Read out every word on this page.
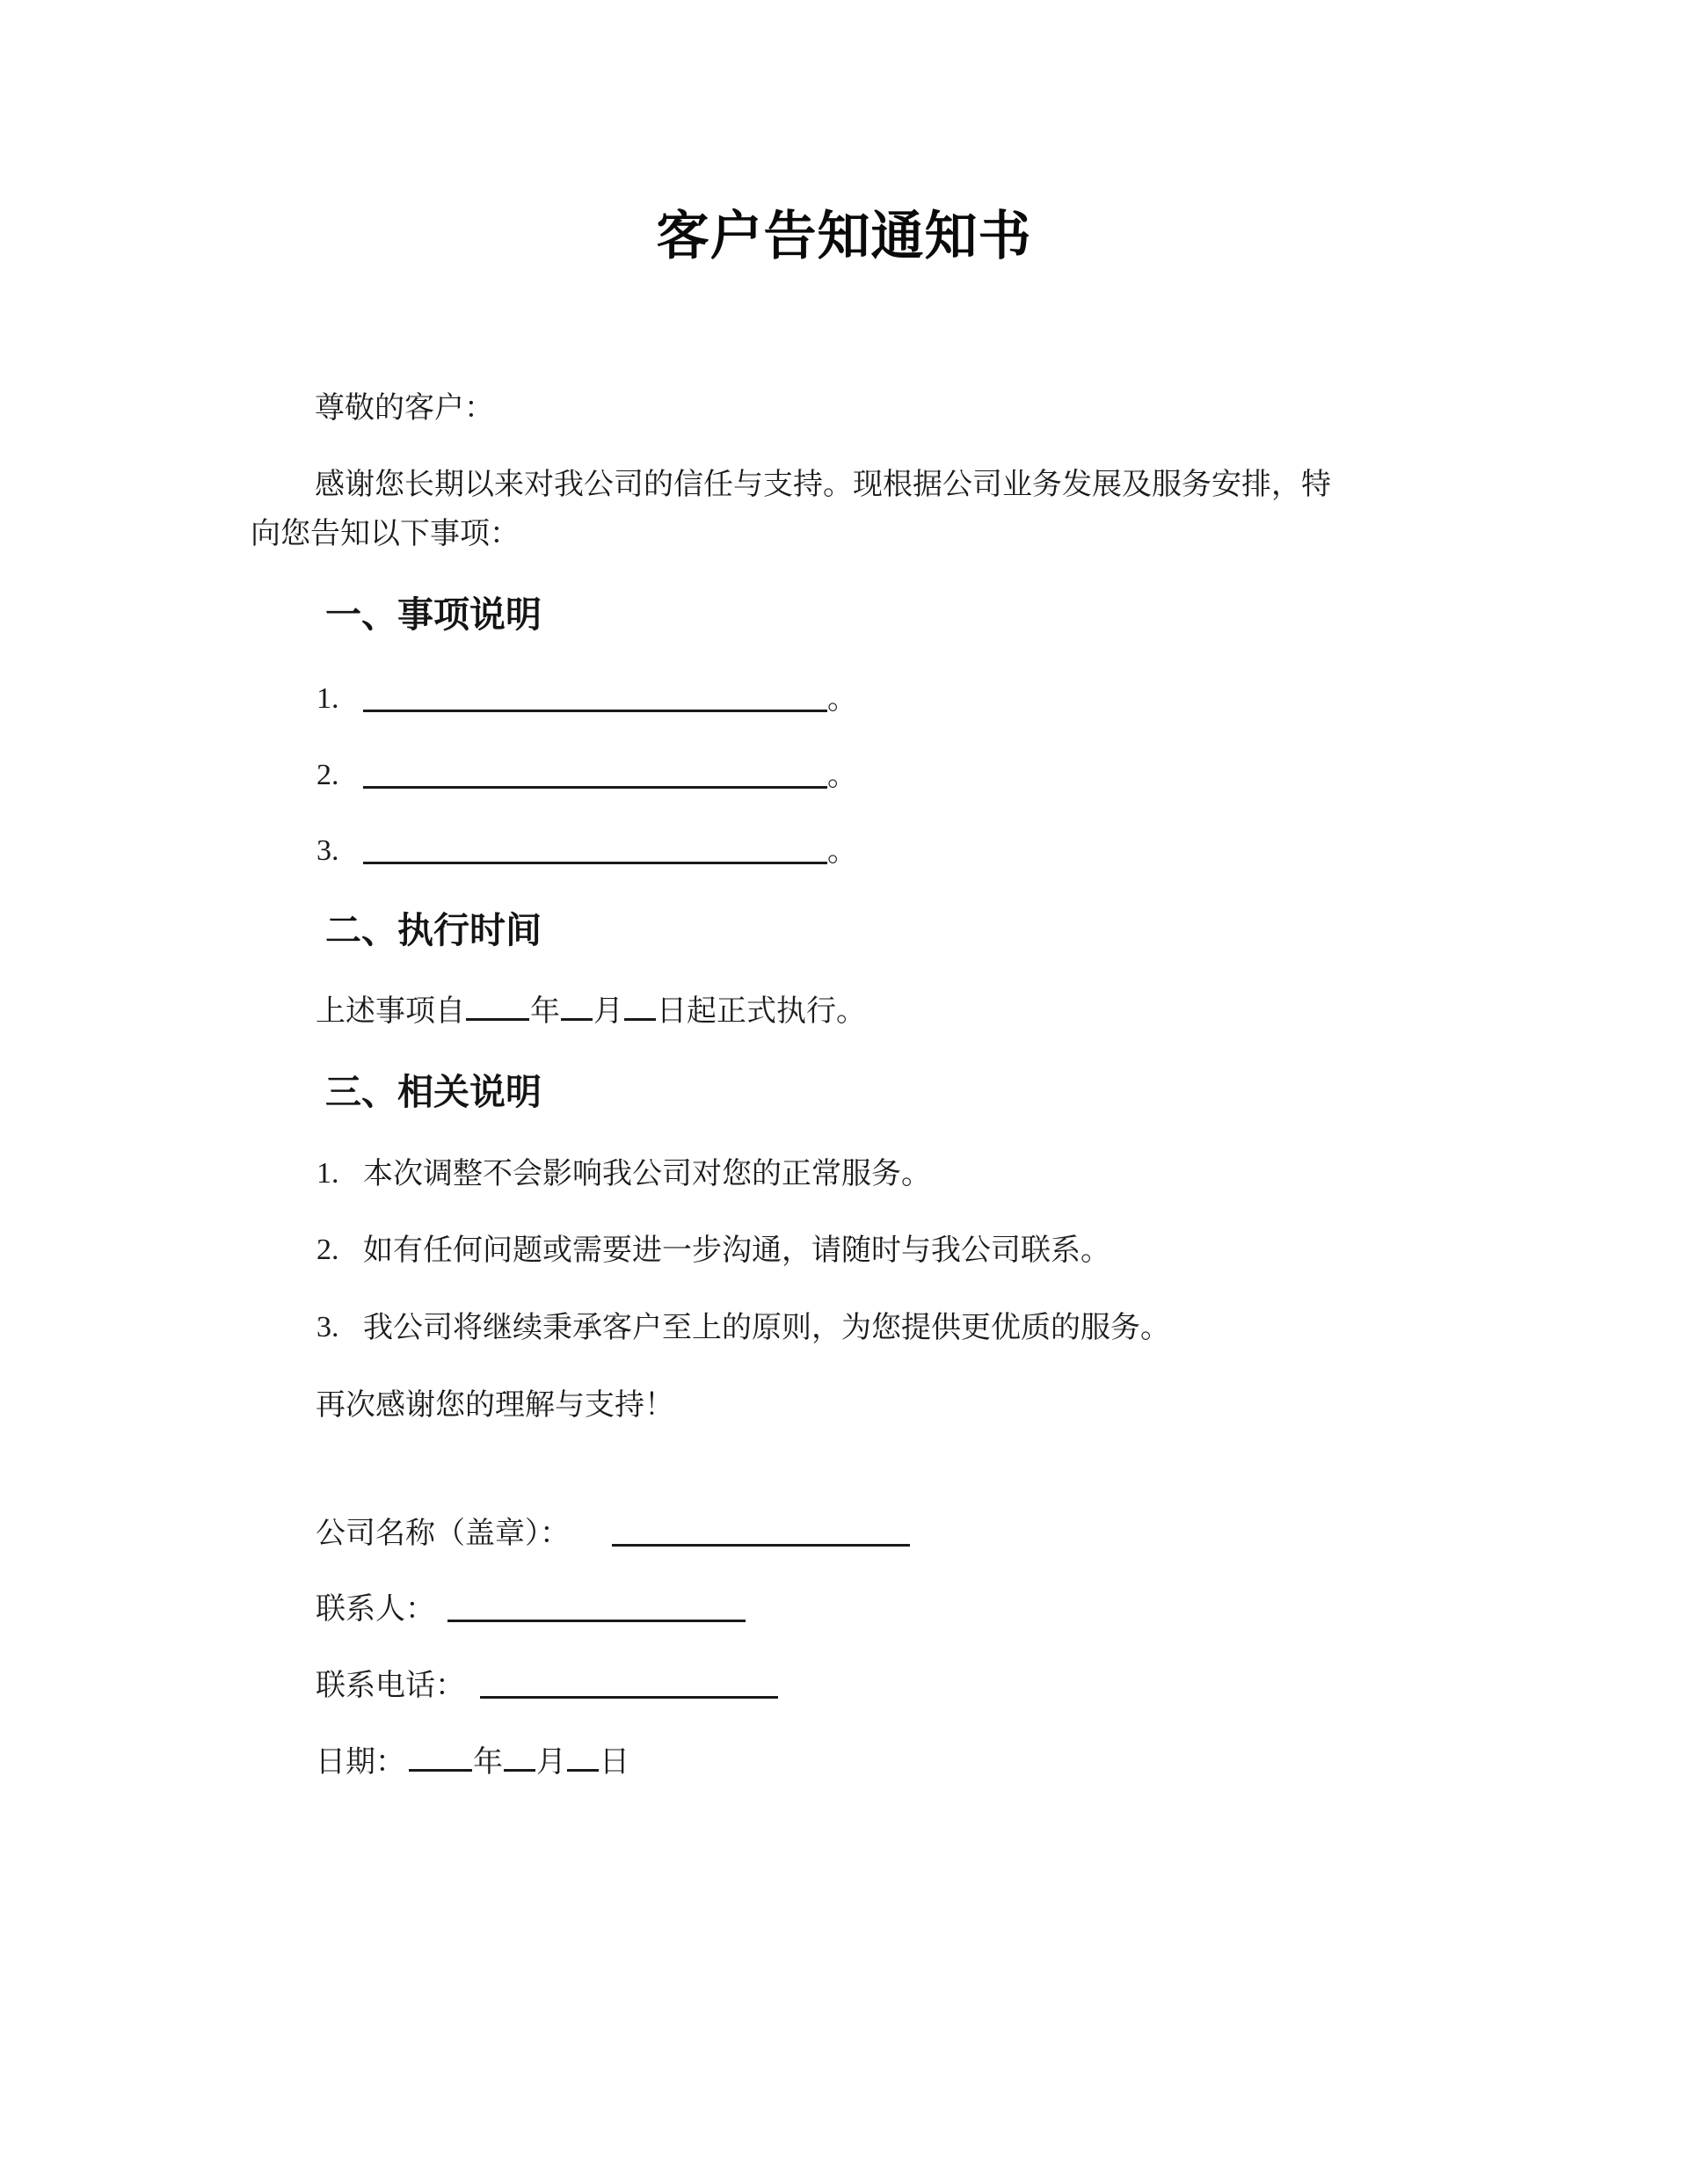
客户告知通知书
尊敬的客户：
感谢您长期以来对我公司的信任与支持。现根据公司业务发展及服务安排，特
向您告知以下事项：
一、事项说明
1.	。
2.	。
3.	。
二、执行时间
上述事项自 年 月 日起正式执行。
三、相关说明
1. 本次调整不会影响我公司对您的正常服务。
2. 如有任何问题或需要进一步沟通，请随时与我公司联系。
3. 我公司将继续秉承客户至上的原则，为您提供更优质的服务。
再次感谢您的理解与支持！
公司名称（盖章）：
联系人：
联系电话：
日期： 年 月 日
